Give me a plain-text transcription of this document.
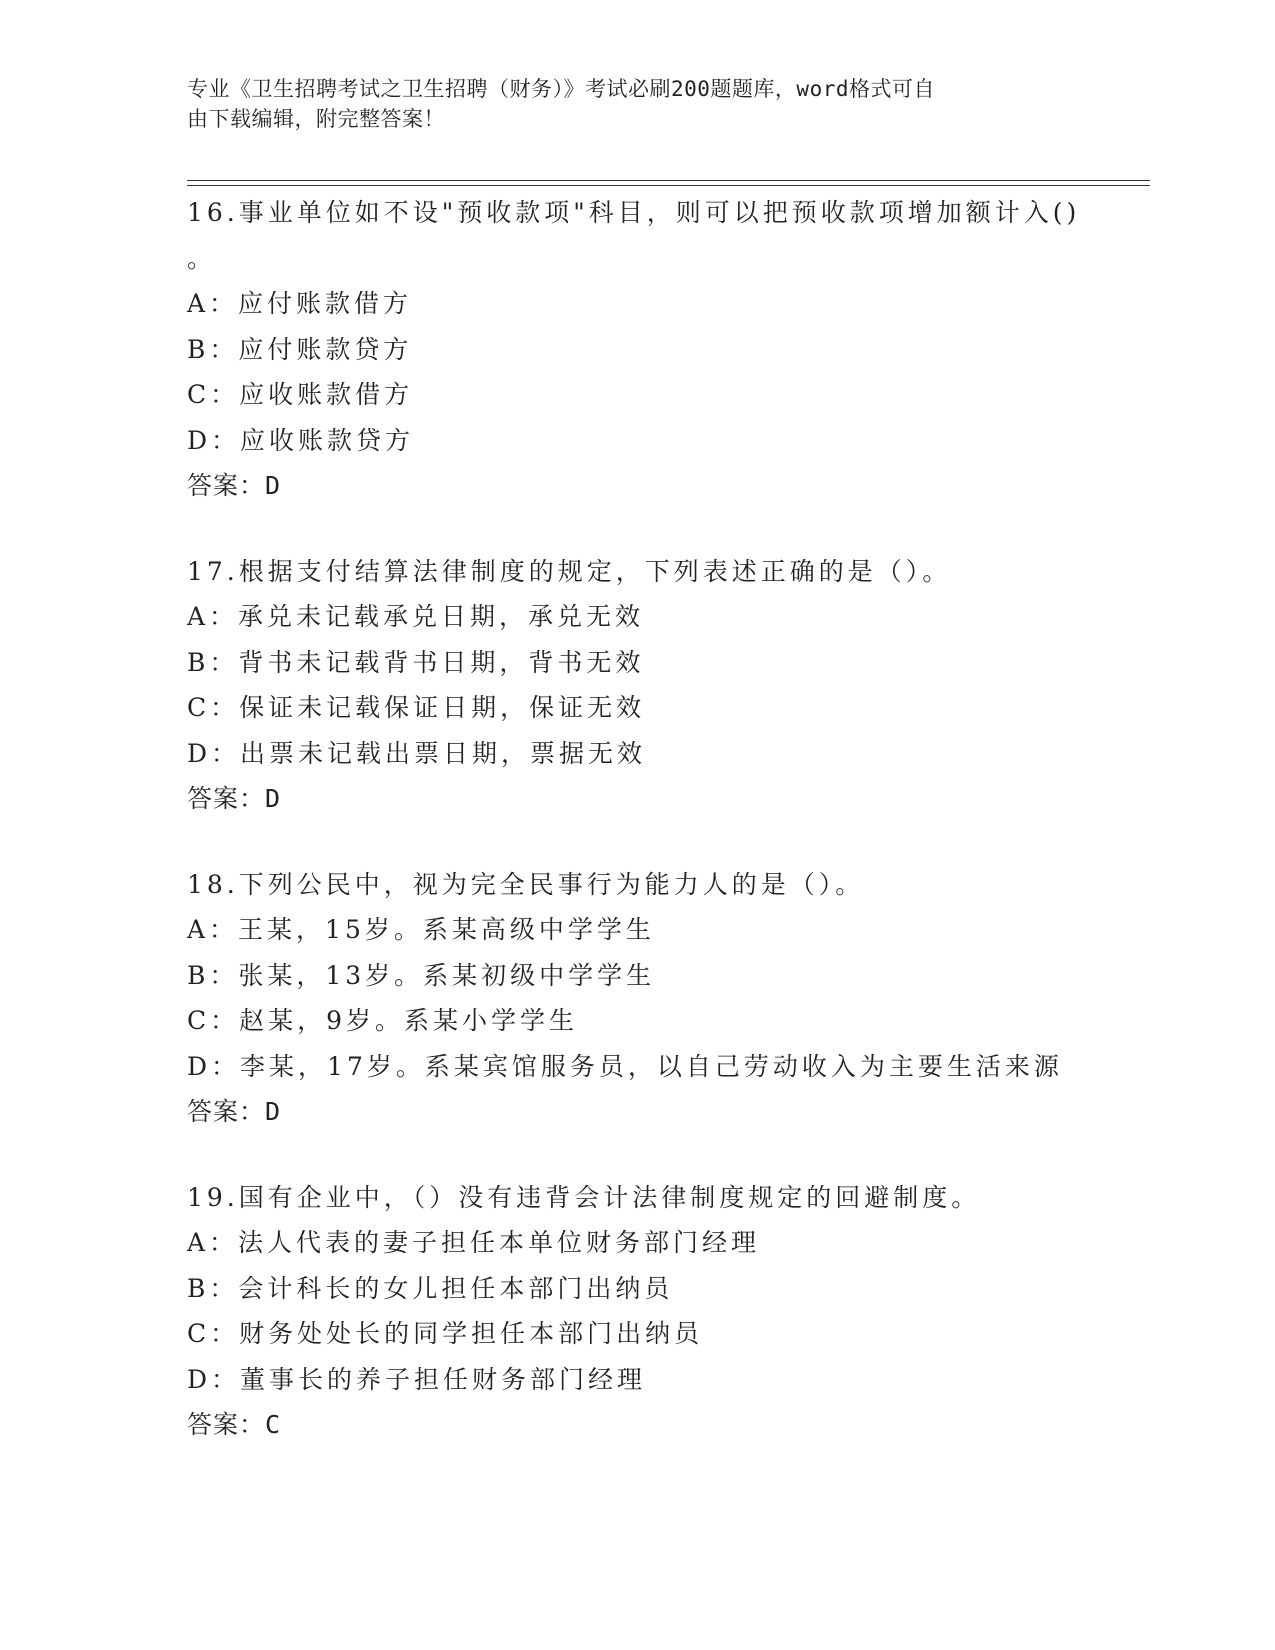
专业《卫生招聘考试之卫生招聘（财务）》考试必刷200题题库，word格式可自
由下载编辑，附完整答案！
16.事业单位如不设"预收款项"科目，则可以把预收款项增加额计入()
。
A：应付账款借方
B：应付账款贷方
C：应收账款借方
D：应收账款贷方
答案：D
17.根据支付结算法律制度的规定，下列表述正确的是（）。
A：承兑未记载承兑日期，承兑无效
B：背书未记载背书日期，背书无效
C：保证未记载保证日期，保证无效
D：出票未记载出票日期，票据无效
答案：D
18.下列公民中，视为完全民事行为能力人的是（）。
A：王某，15岁。系某高级中学学生
B：张某，13岁。系某初级中学学生
C：赵某，9岁。系某小学学生
D：李某，17岁。系某宾馆服务员，以自己劳动收入为主要生活来源
答案：D
19.国有企业中，（）没有违背会计法律制度规定的回避制度。
A：法人代表的妻子担任本单位财务部门经理
B：会计科长的女儿担任本部门出纳员
C：财务处处长的同学担任本部门出纳员
D：董事长的养子担任财务部门经理
答案：C
